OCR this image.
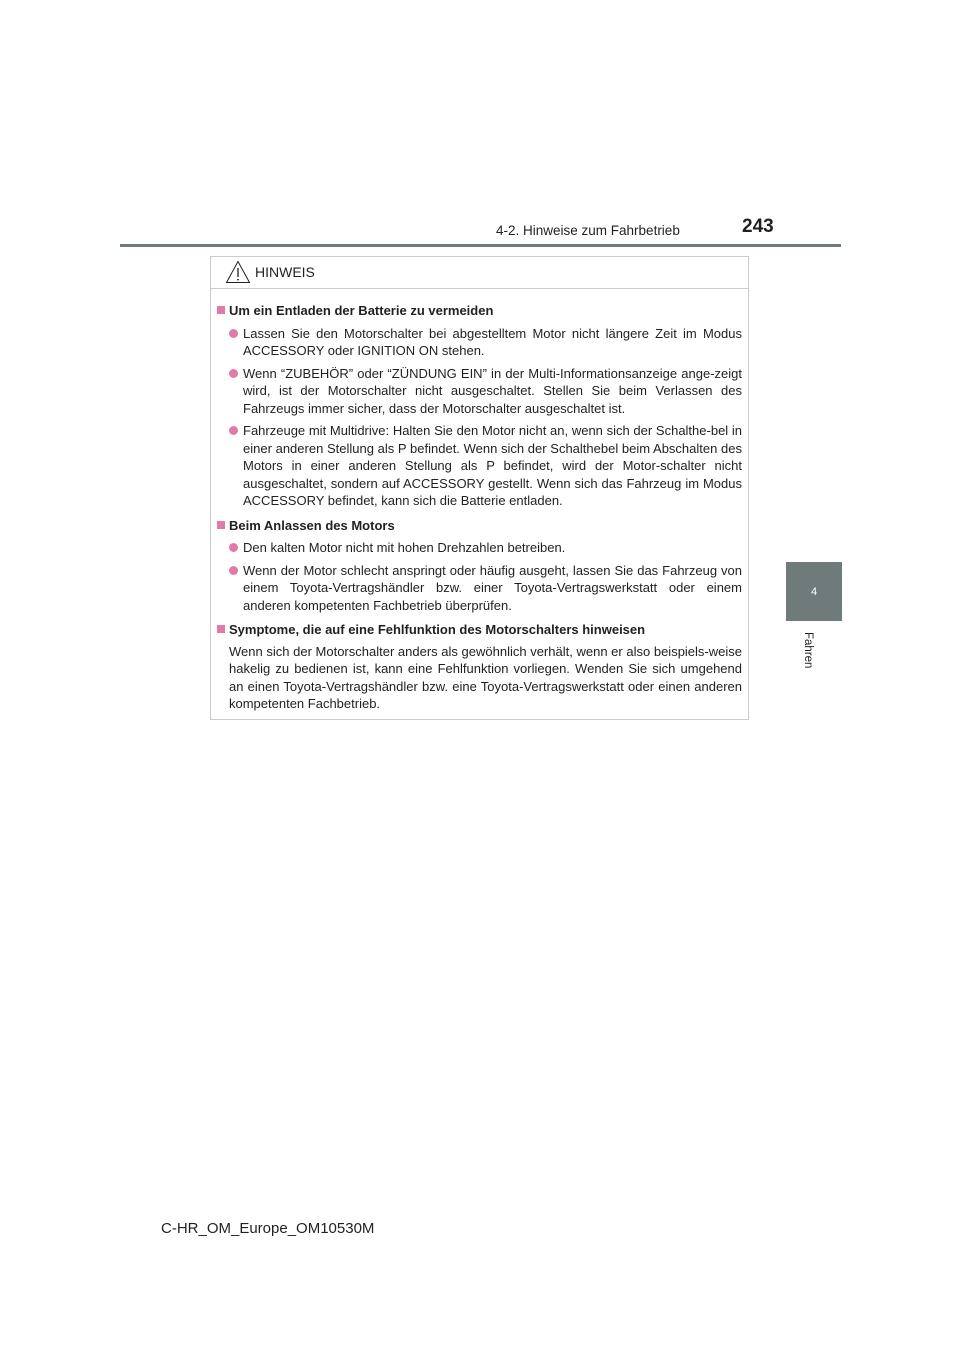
4-2. Hinweise zum Fahrbetrieb	243
4
Fahren
HINWEIS
Um ein Entladen der Batterie zu vermeiden
Lassen Sie den Motorschalter bei abgestelltem Motor nicht längere Zeit im Modus ACCESSORY oder IGNITION ON stehen.
Wenn “ZUBEHÖR” oder “ZÜNDUNG EIN” in der Multi-Informationsanzeige ange-zeigt wird, ist der Motorschalter nicht ausgeschaltet. Stellen Sie beim Verlassen des Fahrzeugs immer sicher, dass der Motorschalter ausgeschaltet ist.
Fahrzeuge mit Multidrive: Halten Sie den Motor nicht an, wenn sich der Schalthe-bel in einer anderen Stellung als P befindet. Wenn sich der Schalthebel beim Abschalten des Motors in einer anderen Stellung als P befindet, wird der Motor-schalter nicht ausgeschaltet, sondern auf ACCESSORY gestellt. Wenn sich das Fahrzeug im Modus ACCESSORY befindet, kann sich die Batterie entladen.
Beim Anlassen des Motors
Den kalten Motor nicht mit hohen Drehzahlen betreiben.
Wenn der Motor schlecht anspringt oder häufig ausgeht, lassen Sie das Fahrzeug von einem Toyota-Vertragshändler bzw. einer Toyota-Vertragswerkstatt oder einem anderen kompetenten Fachbetrieb überprüfen.
Symptome, die auf eine Fehlfunktion des Motorschalters hinweisen
Wenn sich der Motorschalter anders als gewöhnlich verhält, wenn er also beispiels-weise hakelig zu bedienen ist, kann eine Fehlfunktion vorliegen. Wenden Sie sich umgehend an einen Toyota-Vertragshändler bzw. eine Toyota-Vertragswerkstatt oder einen anderen kompetenten Fachbetrieb.
C-HR_OM_Europe_OM10530M
